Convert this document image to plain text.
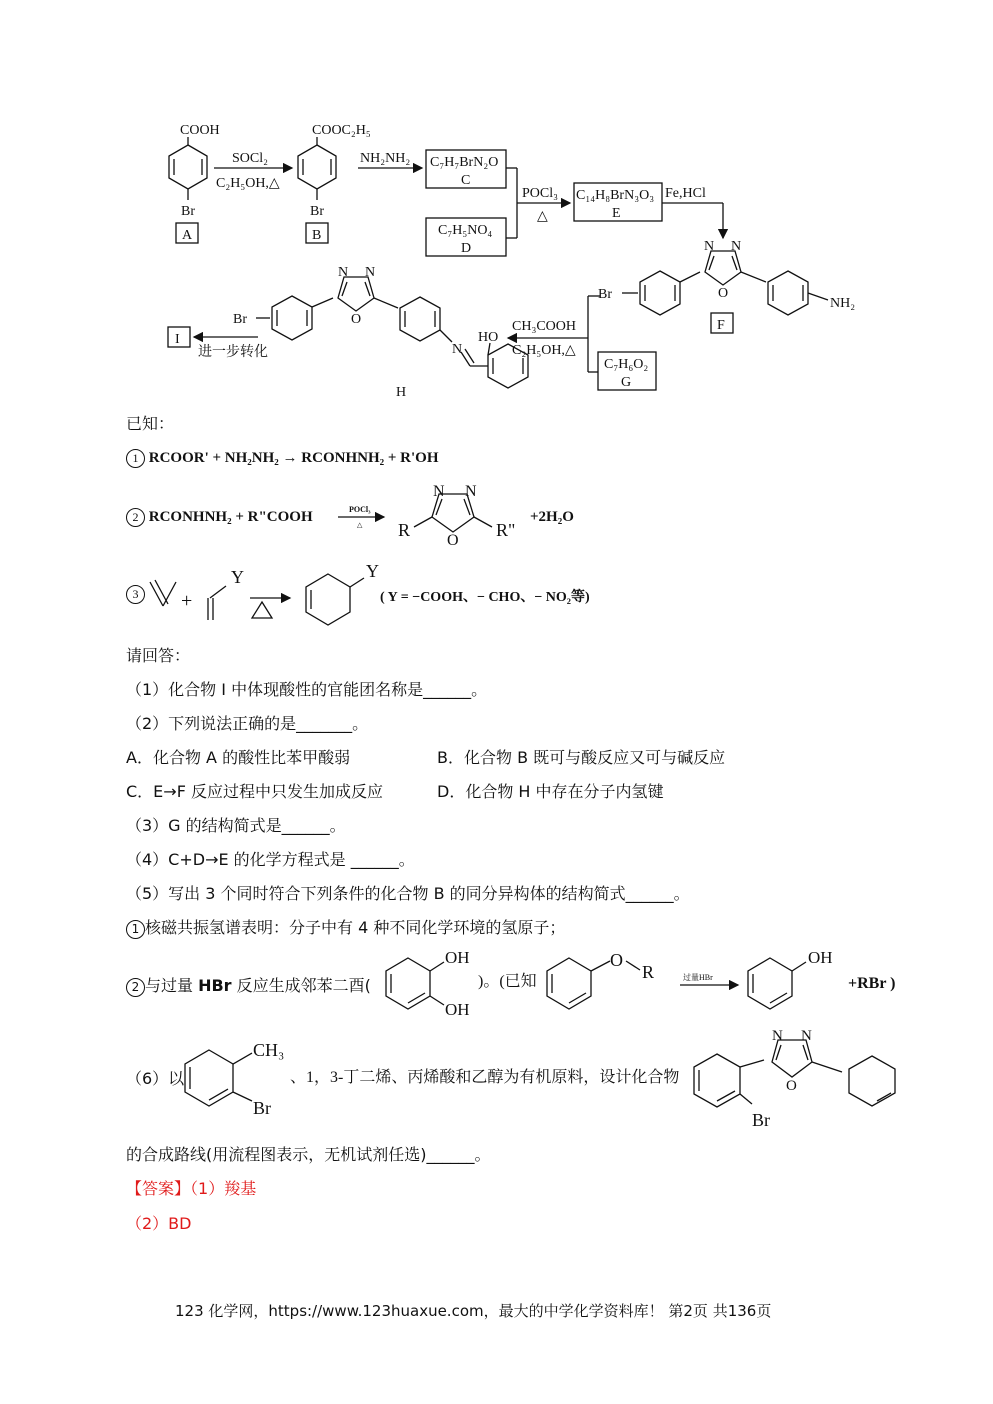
COOH
Br
A
SOCl₂
C₂H₅OH,△
COOC₂H₅
Br
B
NH₂NH₂ C₇H₇BrN₂O
C
C₇H₅NO₄
D
POCl₃
△
C₁₄H₈BrN₃O₃
E
Fe,HCl
Br
N N
O
NH₂
F
CH₃COOH
C₂H₅OH,△
C₇H₆O₂
G
Br
N N
O
N
HO
H
I
进一步转化
已知：
1 RCOOR' + NH₂NH₂ → RCONHNH₂ + R'OH
2 RCONHNH₂ + R"COOH	POCl₃
△
N N
O
R	R"
+2H₂O
Y
+
Y
3	( Y = −COOH、− CHO、− NO₂等)
请回答：
（1）化合物 I 中体现酸性的官能团名称是______。
（2）下列说法正确的是_______。
A．化合物 A 的酸性比苯甲酸弱	B．化合物 B 既可与酸反应又可与碱反应
C．E→F 反应过程中只发生加成反应	D．化合物 H 中存在分子内氢键
（3）G 的结构简式是______。
（4）C+D→E 的化学方程式是 ______。
（5）写出 3 个同时符合下列条件的化合物 B 的同分异构体的结构简式______。
1 核磁共振氢谱表明：分子中有 4 种不同化学环境的氢原子；
2 与过量 HBr 反应生成邻苯二酉(
OH
OH
)。(已知
O
R	过量HBr
OH
+RBr )
（6）以
CH₃
Br
、1，3-丁二烯、丙烯酸和乙醇为有机原料，设计化合物
N N
O
Br
的合成路线(用流程图表示，无机试剂任选)______。
【答案】（1）羧基
（2）BD
123 化学网，https://www.123huaxue.com，最大的中学化学资料库！ 第2页 共136页
